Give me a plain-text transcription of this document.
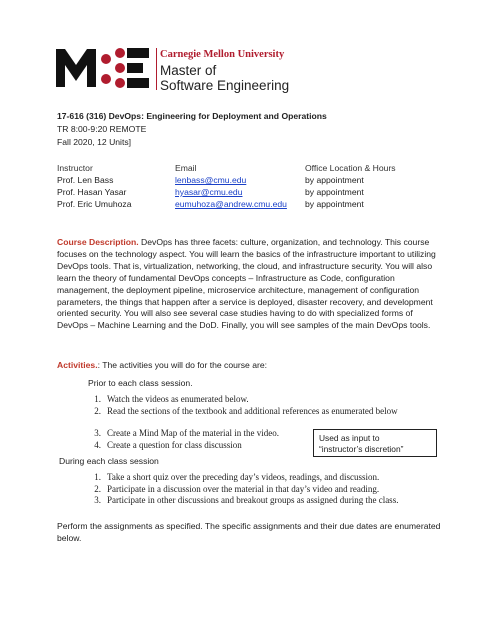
Carnegie Mellon University
Master of
Software Engineering
17-616 (316) DevOps: Engineering for Deployment and Operations
TR 8:00-9:20 REMOTE
Fall 2020, 12 Units]
Instructor	Email	Office Location & Hours
Prof. Len Bass	lenbass@cmu.edu	by appointment
Prof. Hasan Yasar	hyasar@cmu.edu	by appointment
Prof. Eric Umuhoza	eumuhoza@andrew.cmu.edu by appointment
Course Description. DevOps has three facets: culture, organization, and technology. This course focuses on the technology aspect. You will learn the basics of the infrastructure important to utilizing DevOps tools. That is, virtualization, networking, the cloud, and infrastructure security. You will also learn the theory of fundamental DevOps concepts – Infrastructure as Code, configuration management, the deployment pipeline, microservice architecture, management of configuration parameters, the things that happen after a service is deployed, disaster recovery, and development oriented security. You will also see several case studies having to do with specialized forms of DevOps – Machine Learning and the DoD. Finally, you will see samples of the main DevOps tools.
Activities.: The activities you will do for the course are:
Prior to each class session.
1. Watch the videos as enumerated below.
2. Read the sections of the textbook and additional references as enumerated below
3. Create a Mind Map of the material in the video.
4. Create a question for class discussion
Used as input to
“instructor’s discretion”
During each class session
1. Take a short quiz over the preceding day’s videos, readings, and discussion.
2. Participate in a discussion over the material in that day’s video and reading.
3. Participate in other discussions and breakout groups as assigned during the class.
Perform the assignments as specified. The specific assignments and their due dates are enumerated below.
